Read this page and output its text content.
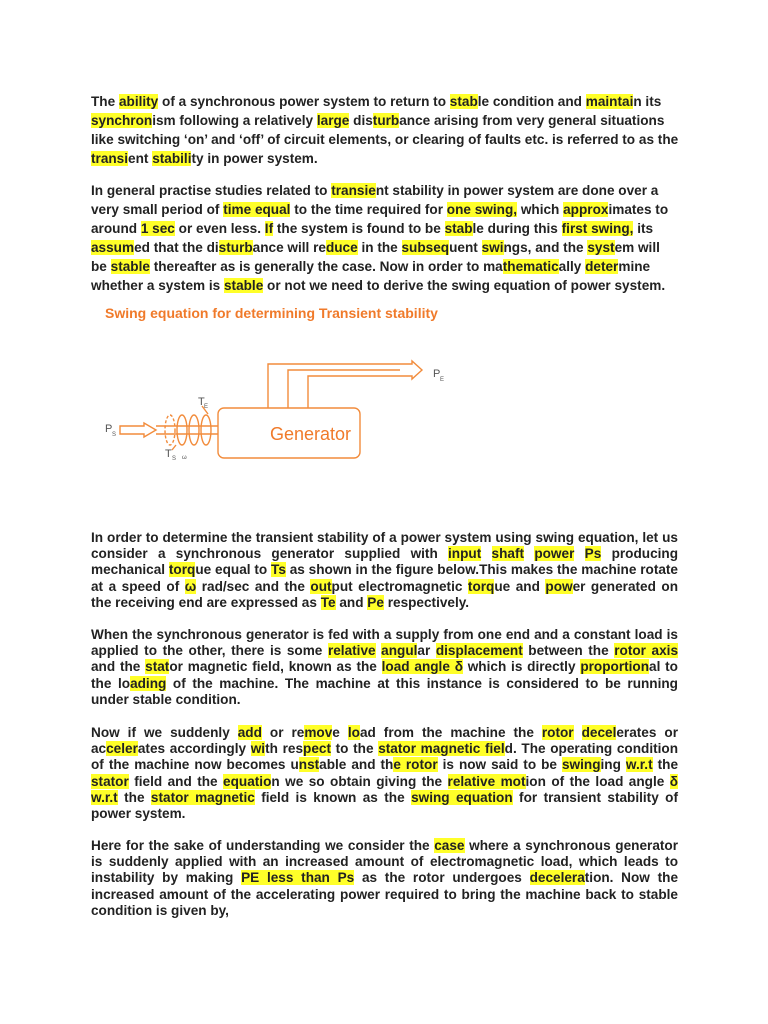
The ability of a synchronous power system to return to stable condition and maintain its synchronism following a relatively large disturbance arising from very general situations like switching ‘on’ and ‘off’ of circuit elements, or clearing of faults etc. is referred to as the transient stability in power system.

In general practise studies related to transient stability in power system are done over a very small period of time equal to the time required for one swing, which approximates to around 1 sec or even less. If the system is found to be stable during this first swing, its assumed that the disturbance will reduce in the subsequent swings, and the system will be stable thereafter as is generally the case. Now in order to mathematically determine whether a system is stable or not we need to derive the swing equation of power system.

Swing equation for determining Transient stability
Generator
P S
P E
T E
T S ω

In order to determine the transient stability of a power system using swing equation, let us consider a synchronous generator supplied with input shaft power Ps producing mechanical torque equal to Ts as shown in the figure below.This makes the machine rotate at a speed of ω rad/sec and the output electromagnetic torque and power generated on the receiving end are expressed as Te and Pe respectively.

When the synchronous generator is fed with a supply from one end and a constant load is applied to the other, there is some relative angular displacement between the rotor axis and the stator magnetic field, known as the load angle δ which is directly proportional to the loading of the machine. The machine at this instance is considered to be running under stable condition.

Now if we suddenly add or remove load from the machine the rotor decelerates or accelerates accordingly with respect to the stator magnetic field. The operating condition of the machine now becomes unstable and the rotor is now said to be swinging w.r.t the stator field and the equation we so obtain giving the relative motion of the load angle δ w.r.t the stator magnetic field is known as the swing equation for transient stability of power system.

Here for the sake of understanding we consider the case where a synchronous generator is suddenly applied with an increased amount of electromagnetic load, which leads to instability by making PE less than Ps as the rotor undergoes deceleration. Now the increased amount of the accelerating power required to bring the machine back to stable condition is given by,
